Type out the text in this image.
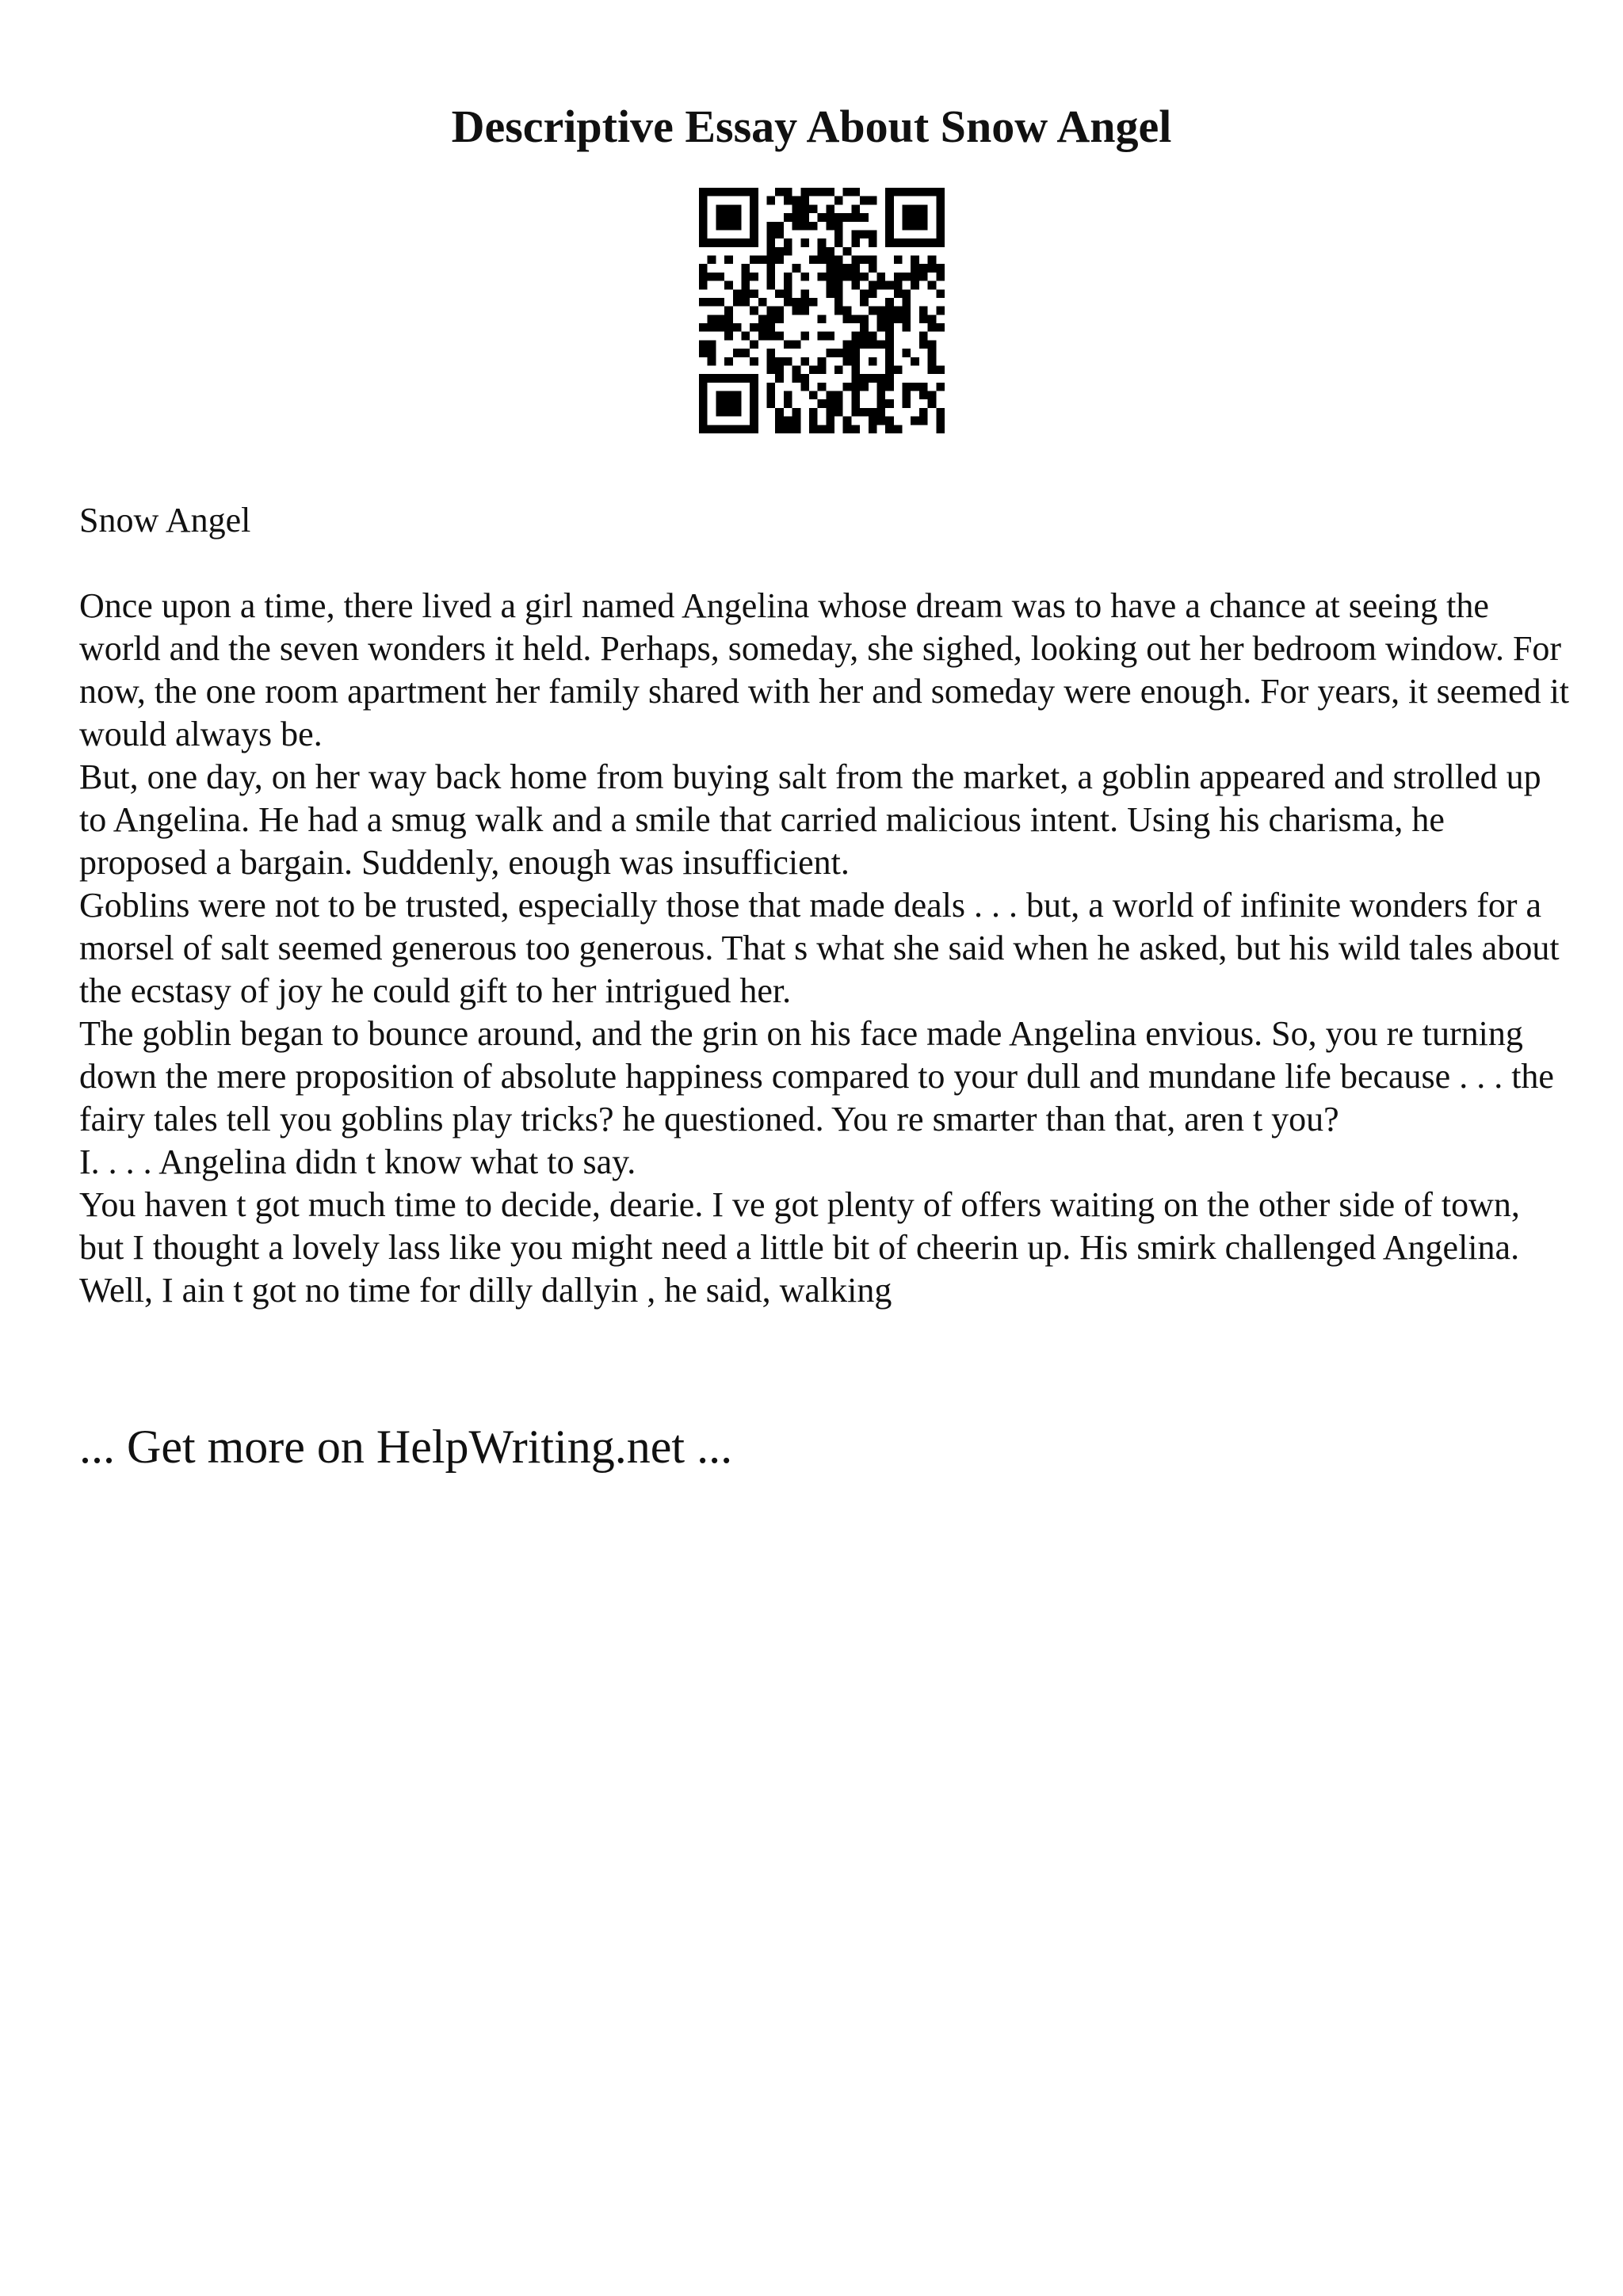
Descriptive Essay About Snow Angel

Snow Angel

Once upon a time, there lived a girl named Angelina whose dream was to have a chance at seeing the world and the seven wonders it held. Perhaps, someday, she sighed, looking out her bedroom window. For now, the one room apartment her family shared with her and someday were enough. For years, it seemed it would always be.

But, one day, on her way back home from buying salt from the market, a goblin appeared and strolled up to Angelina. He had a smug walk and a smile that carried malicious intent. Using his charisma, he proposed a bargain. Suddenly, enough was insufficient.

Goblins were not to be trusted, especially those that made deals . . . but, a world of infinite wonders for a morsel of salt seemed generous too generous. That s what she said when he asked, but his wild tales about the ecstasy of joy he could gift to her intrigued her.

The goblin began to bounce around, and the grin on his face made Angelina envious. So, you re turning down the mere proposition of absolute happiness compared to your dull and mundane life because . . . the fairy tales tell you goblins play tricks? he questioned. You re smarter than that, aren t you?

I. . . . Angelina didn t know what to say.

You haven t got much time to decide, dearie. I ve got plenty of offers waiting on the other side of town, but I thought a lovely lass like you might need a little bit of cheerin up. His smirk challenged Angelina. Well, I ain t got no time for dilly dallyin , he said, walking

... Get more on HelpWriting.net ...
